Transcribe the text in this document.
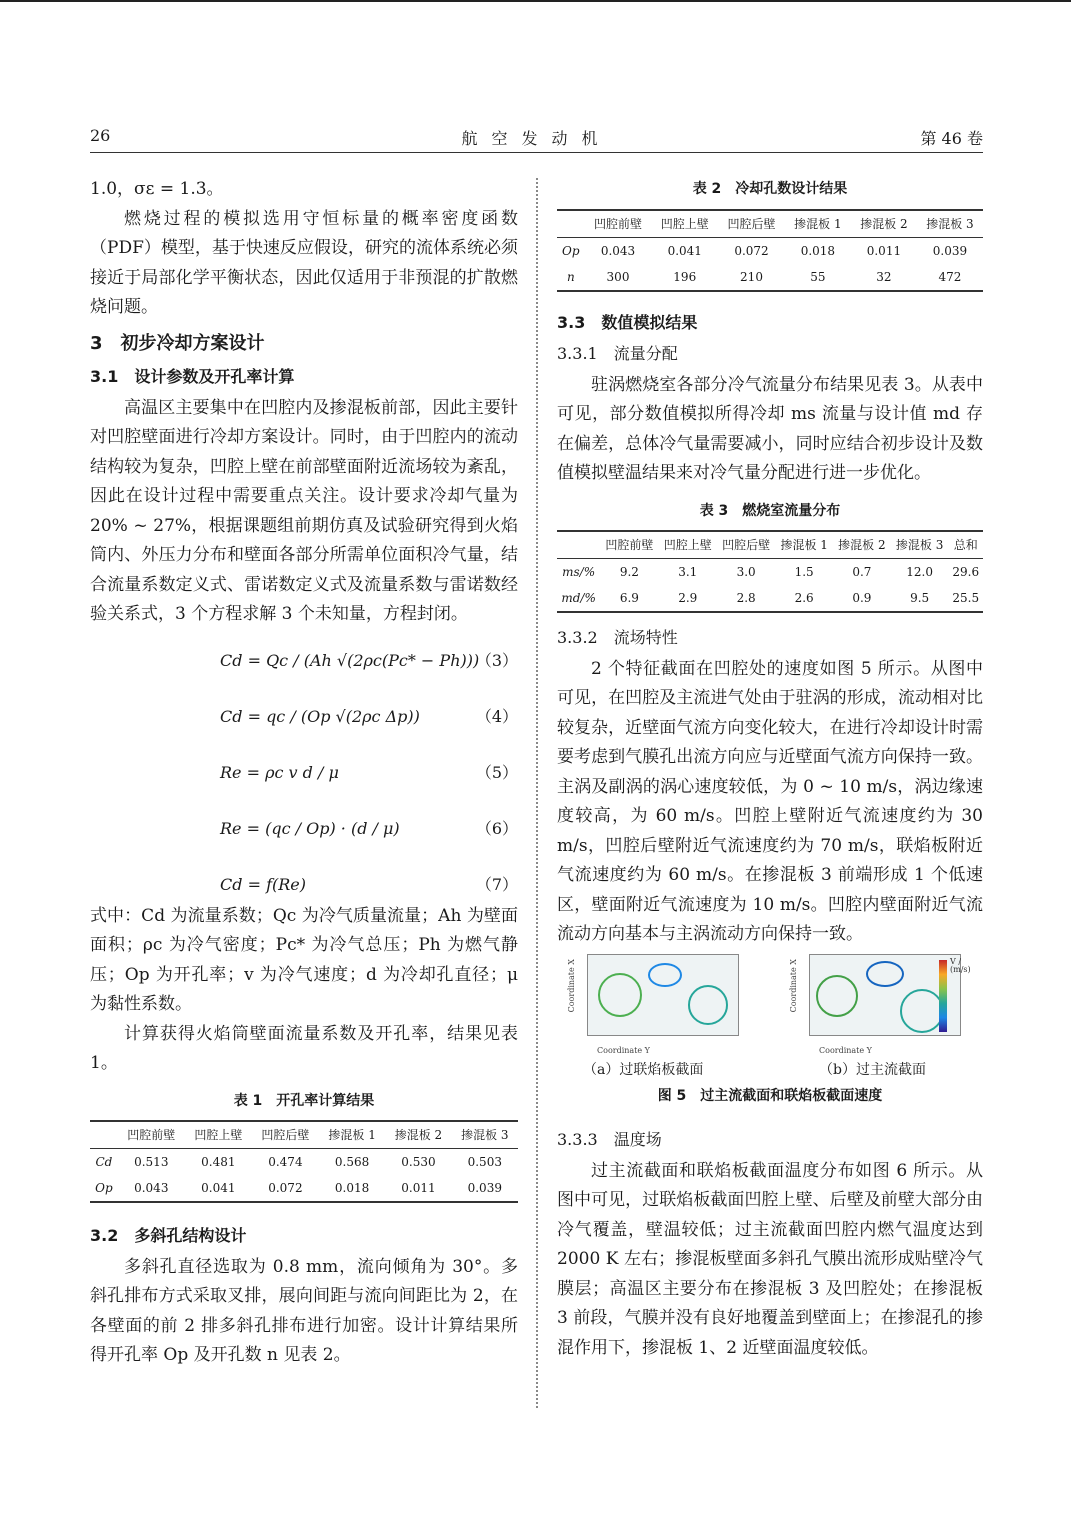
26	航空发动机	第 46 卷

1.0，σε = 1.3。

燃烧过程的模拟选用守恒标量的概率密度函数（PDF）模型，基于快速反应假设，研究的流体系统必须接近于局部化学平衡状态，因此仅适用于非预混的扩散燃烧问题。

3　初步冷却方案设计
3.1　设计参数及开孔率计算

高温区主要集中在凹腔内及掺混板前部，因此主要针对凹腔壁面进行冷却方案设计。同时，由于凹腔内的流动结构较为复杂，凹腔上壁在前部壁面附近流场较为紊乱，因此在设计过程中需要重点关注。设计要求冷却气量为 20% ~ 27%，根据课题组前期仿真及试验研究得到火焰筒内、外压力分布和壁面各部分所需单位面积冷气量，结合流量系数定义式、雷诺数定义式及流量系数与雷诺数经验关系式，3 个方程求解 3 个未知量，方程封闭。

Cd = Qc / (Ah √(2ρc(Pc* − Ph)))
（3）
Cd = qc / (Op √(2ρc Δp))	（4）
Re = ρc v d / μ	（5）
Re = (qc / Op) · (d / μ)	（6）
Cd = f(Re)	（7）

式中：Cd 为流量系数；Qc 为冷气质量流量；Ah 为壁面面积；ρc 为冷气密度；Pc* 为冷气总压；Ph 为燃气静压；Op 为开孔率；v 为冷气速度；d 为冷却孔直径；μ 为黏性系数。

计算获得火焰筒壁面流量系数及开孔率，结果见表 1。

表 1　开孔率计算结果
	凹腔前壁	凹腔上壁	凹腔后壁	掺混板 1	掺混板 2	掺混板 3
Cd	0.513	0.481	0.474	0.568	0.530	0.503
Op	0.043	0.041	0.072	0.018	0.011	0.039
3.2　多斜孔结构设计

多斜孔直径选取为 0.8 mm，流向倾角为 30°。多斜孔排布方式采取叉排，展向间距与流向间距比为 2，在各壁面的前 2 排多斜孔排布进行加密。设计计算结果所得开孔率 Op 及开孔数 n 见表 2。

表 2　冷却孔数设计结果
	凹腔前壁	凹腔上壁	凹腔后壁	掺混板 1	掺混板 2	掺混板 3
Op	0.043	0.041	0.072	0.018	0.011	0.039
n	300	196	210	55	32	472
3.3　数值模拟结果
3.3.1　流量分配

驻涡燃烧室各部分冷气流量分布结果见表 3。从表中可见，部分数值模拟所得冷却 ms 流量与设计值 md 存在偏差，总体冷气量需要减小，同时应结合初步设计及数值模拟壁温结果来对冷气量分配进行进一步优化。

表 3　燃烧室流量分布
	凹腔前壁	凹腔上壁	凹腔后壁	掺混板 1	掺混板 2	掺混板 3	总和
ms/%	9.2	3.1	3.0	1.5	0.7	12.0	29.6
md/%	6.9	2.9	2.8	2.6	0.9	9.5	25.5
3.3.2　流场特性

2 个特征截面在凹腔处的速度如图 5 所示。从图中可见，在凹腔及主流进气处由于驻涡的形成，流动相对比较复杂，近壁面气流方向变化较大，在进行冷却设计时需要考虑到气膜孔出流方向应与近壁面气流方向保持一致。主涡及副涡的涡心速度较低，为 0 ~ 10 m/s，涡边缘速度较高，为 60 m/s。凹腔上壁附近气流速度约为 30 m/s，凹腔后壁附近气流速度约为 70 m/s，联焰板附近气流速度约为 60 m/s。在掺混板 3 前端形成 1 个低速区，壁面附近气流速度为 10 m/s。凹腔内壁面附近气流流动方向基本与主涡流动方向保持一致。

Coordinate X
Coordinate Y
Coordinate X
Coordinate Y
V / (m/s)
（a）过联焰板截面	（b）过主流截面
图 5　过主流截面和联焰板截面速度
3.3.3　温度场

过主流截面和联焰板截面温度分布如图 6 所示。从图中可见，过联焰板截面凹腔上壁、后壁及前壁大部分由冷气覆盖，壁温较低；过主流截面凹腔内燃气温度达到 2000 K 左右；掺混板壁面多斜孔气膜出流形成贴壁冷气膜层；高温区主要分布在掺混板 3 及凹腔处；在掺混板 3 前段，气膜并没有良好地覆盖到壁面上；在掺混孔的掺混作用下，掺混板 1、2 近壁面温度较低。
